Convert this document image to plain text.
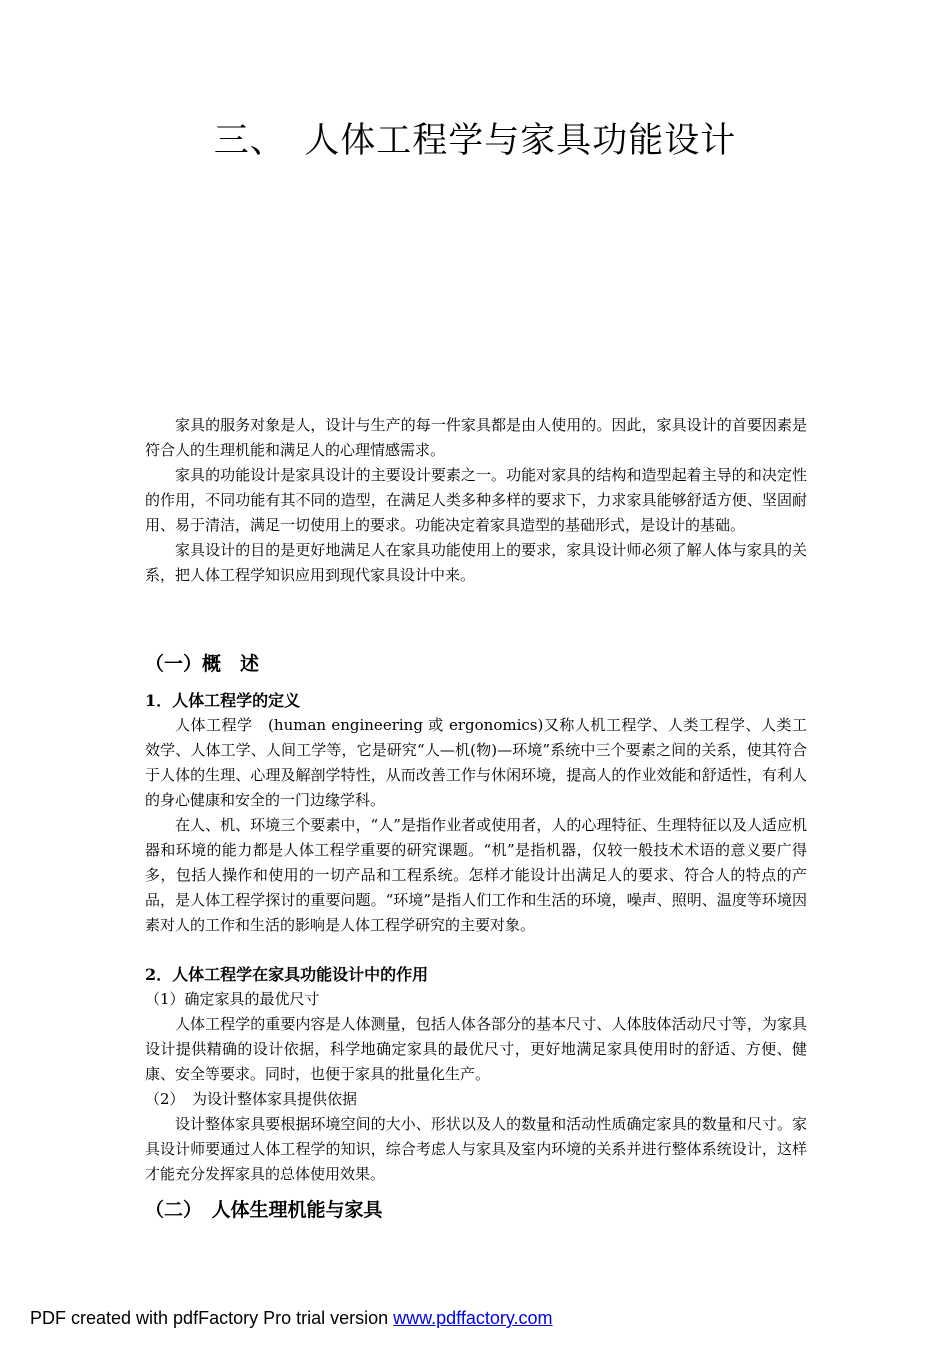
三、　人体工程学与家具功能设计

家具的服务对象是人，设计与生产的每一件家具都是由人使用的。因此，家具设计的首要因素是符合人的生理机能和满足人的心理情感需求。

家具的功能设计是家具设计的主要设计要素之一。功能对家具的结构和造型起着主导的和决定性的作用，不同功能有其不同的造型，在满足人类多种多样的要求下，力求家具能够舒适方便、坚固耐用、易于清洁，满足一切使用上的要求。功能决定着家具造型的基础形式，是设计的基础。

家具设计的目的是更好地满足人在家具功能使用上的要求，家具设计师必须了解人体与家具的关系，把人体工程学知识应用到现代家具设计中来。

（一）概　述
1．人体工程学的定义

人体工程学　(human engineering 或 ergonomics)又称人机工程学、人类工程学、人类工效学、人体工学、人间工学等，它是研究“人—机(物)—环境”系统中三个要素之间的关系，使其符合于人体的生理、心理及解剖学特性，从而改善工作与休闲环境，提高人的作业效能和舒适性，有利人的身心健康和安全的一门边缘学科。

在人、机、环境三个要素中，“人”是指作业者或使用者，人的心理特征、生理特征以及人适应机器和环境的能力都是人体工程学重要的研究课题。“机”是指机器，仅较一般技术术语的意义要广得多，包括人操作和使用的一切产品和工程系统。怎样才能设计出满足人的要求、符合人的特点的产品，是人体工程学探讨的重要问题。“环境”是指人们工作和生活的环境，噪声、照明、温度等环境因素对人的工作和生活的影响是人体工程学研究的主要对象。

2．人体工程学在家具功能设计中的作用
（1）确定家具的最优尺寸

人体工程学的重要内容是人体测量，包括人体各部分的基本尺寸、人体肢体活动尺寸等，为家具设计提供精确的设计依据，科学地确定家具的最优尺寸，更好地满足家具使用时的舒适、方便、健康、安全等要求。同时，也便于家具的批量化生产。

（2）　为设计整体家具提供依据

设计整体家具要根据环境空间的大小、形状以及人的数量和活动性质确定家具的数量和尺寸。家具设计师要通过人体工程学的知识，综合考虑人与家具及室内环境的关系并进行整体系统设计，这样才能充分发挥家具的总体使用效果。

（二）　人体生理机能与家具
PDF created with pdfFactory Pro trial version www.pdffactory.com
